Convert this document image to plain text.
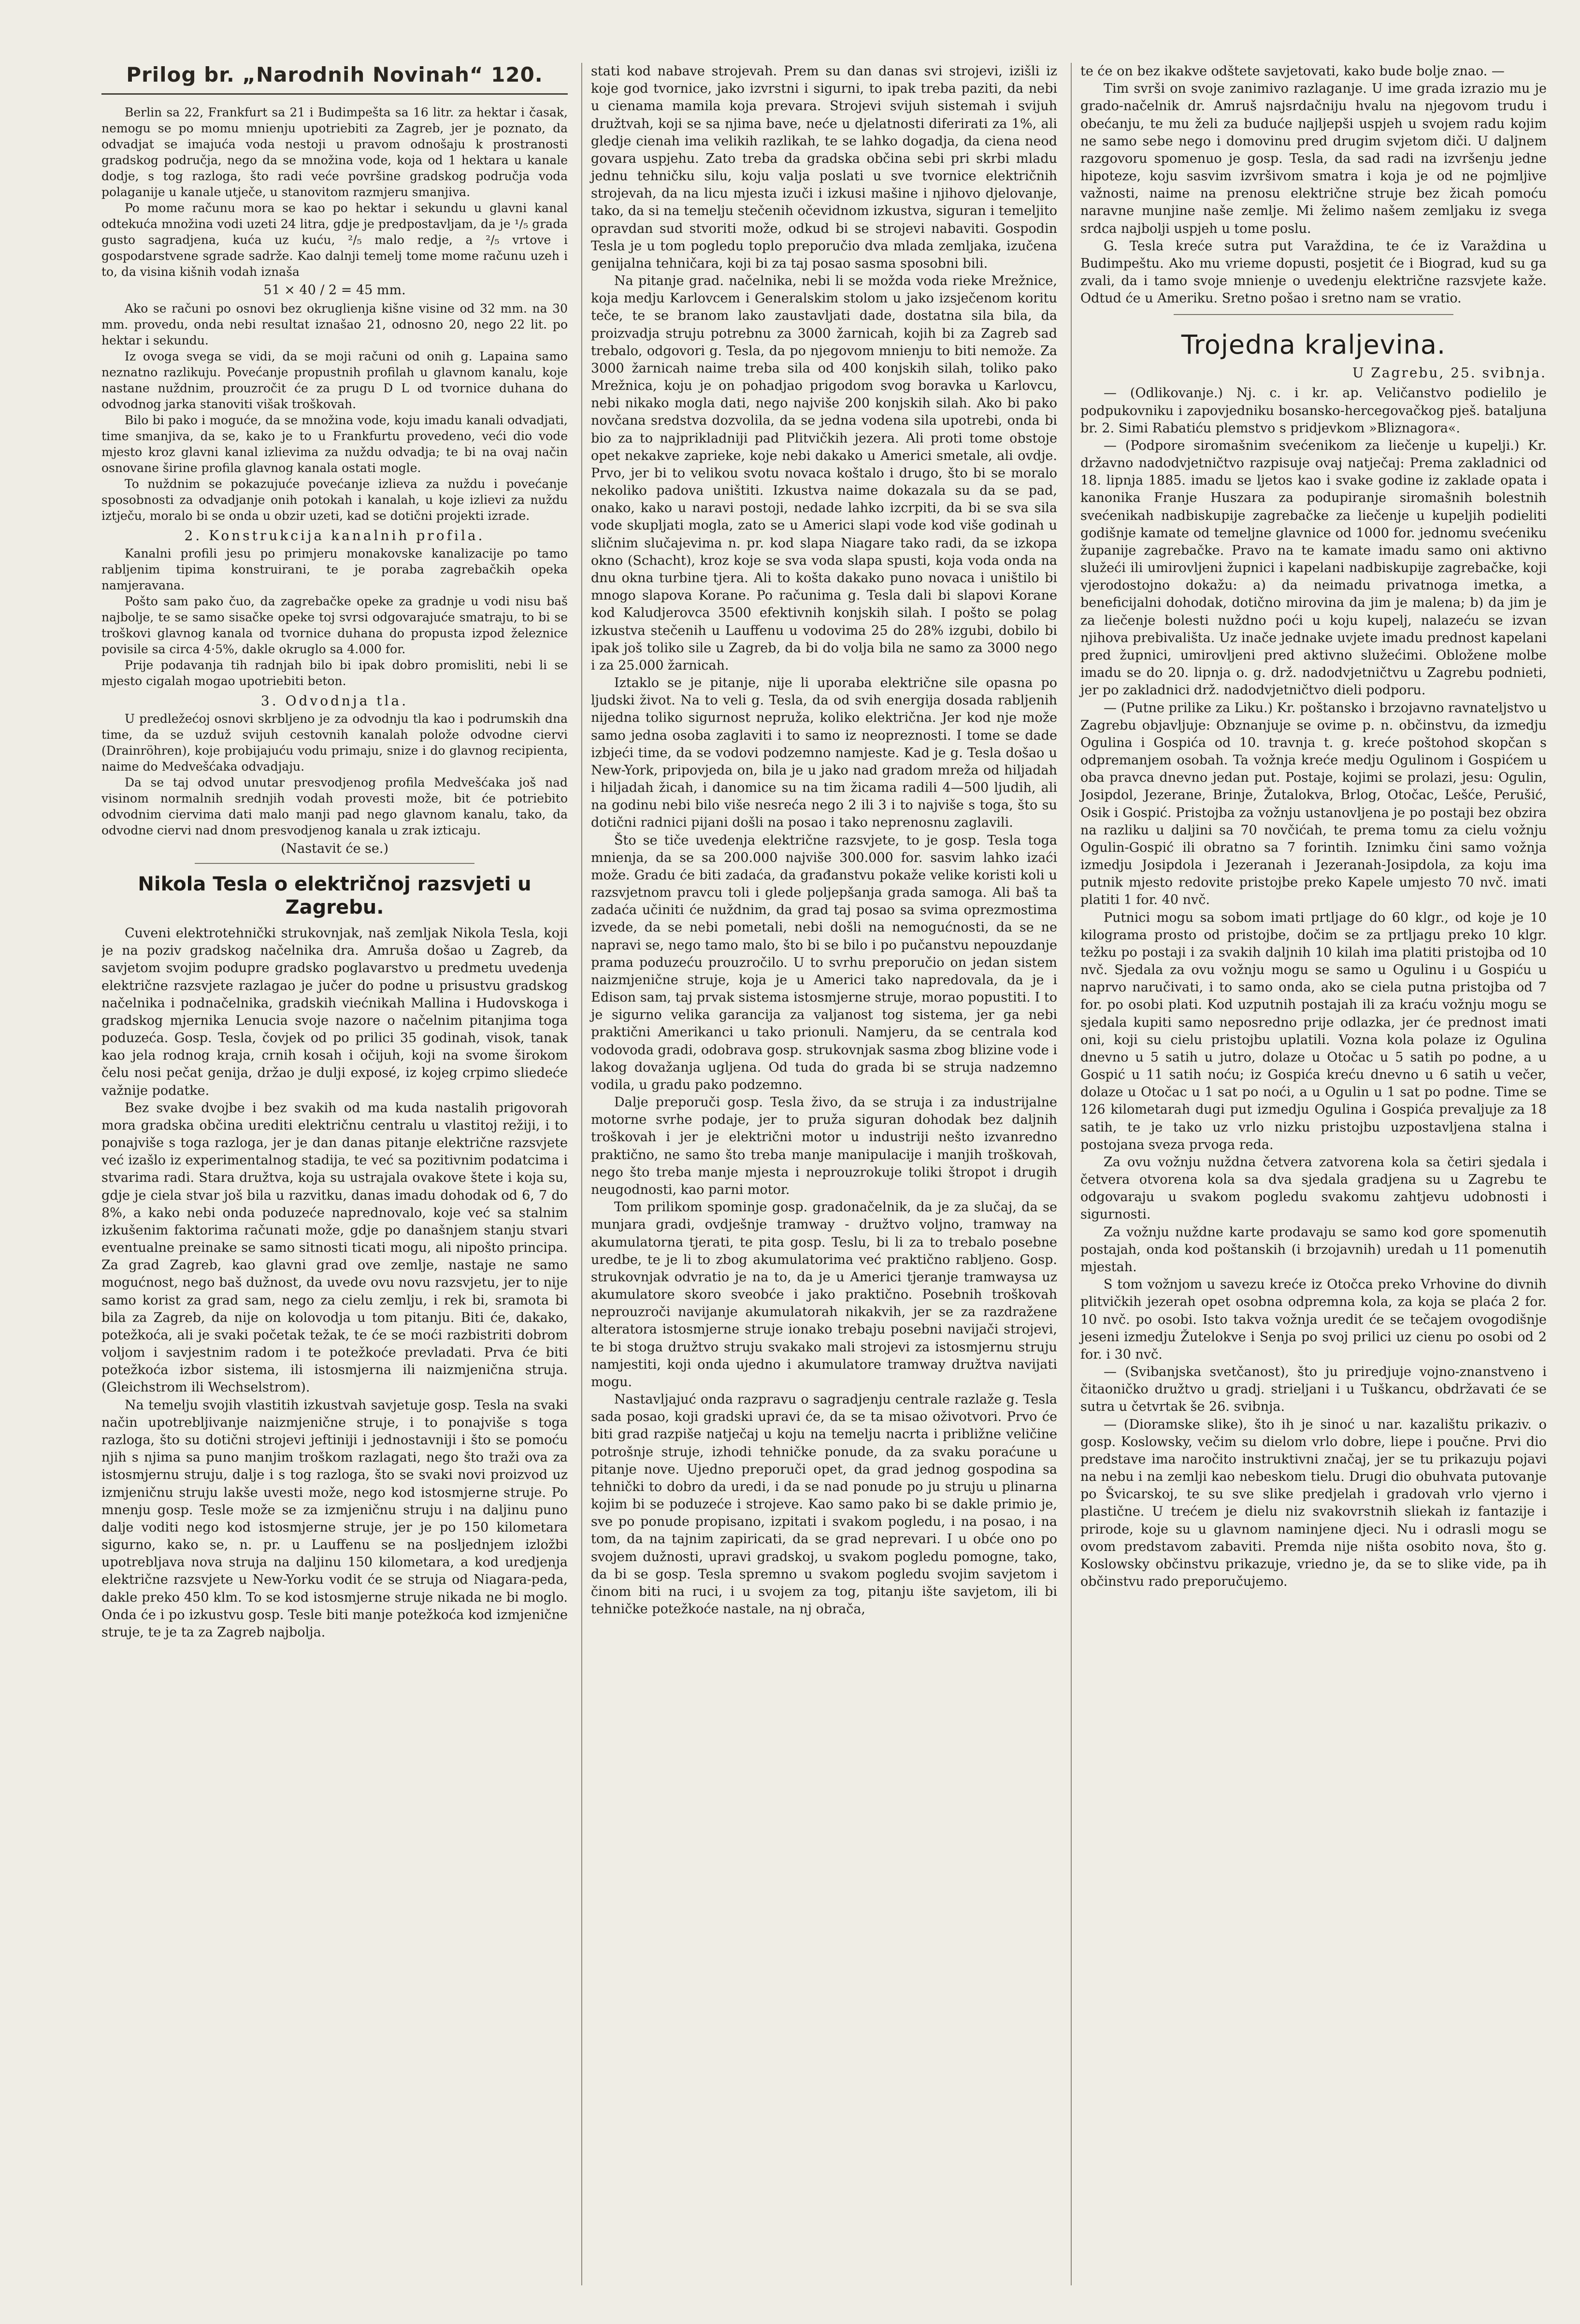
Prilog br. „Narodnih Novinah“ 120.

Berlin sa 22, Frankfurt sa 21 i Budimpešta sa 16 litr. za hektar i časak, nemogu se po momu mnienju upotriebiti za Zagreb, jer je poznato, da odvadjat se imajuća voda nestoji u pravom odnošaju k prostranosti gradskog područja, nego da se množina vode, koja od 1 hektara u kanale dodje, s tog razloga, što radi veće površine gradskog područja voda polaganije u kanale utječe, u stanovitom razmjeru smanjiva.

Po mome računu mora se kao po hektar i sekundu u glavni kanal odtekuća množina vodi uzeti 24 litra, gdje je predpostavljam, da je ¹/₅ grada gusto sagradjena, kuća uz kuću, ²/₅ malo redje, a ²/₅ vrtove i gospodarstvene sgrade sadrže. Kao dalnji temelj tome mome računu uzeh i to, da visina kišnih vodah iznaša

51 × 40 / 2 = 45 mm.

Ako se računi po osnovi bez okruglienja kišne visine od 32 mm. na 30 mm. provedu, onda nebi resultat iznašao 21, odnosno 20, nego 22 lit. po hektar i sekundu.

Iz ovoga svega se vidi, da se moji računi od onih g. Lapaina samo neznatno razlikuju. Povećanje propustnih profilah u glavnom kanalu, koje nastane nuždnim, prouzročit će za prugu D L od tvornice duhana do odvodnog jarka stanoviti višak troškovah.

Bilo bi pako i moguće, da se množina vode, koju imadu kanali odvadjati, time smanjiva, da se, kako je to u Frankfurtu provedeno, veći dio vode mjesto kroz glavni kanal izlievima za nuždu odvadja; te bi na ovaj način osnovane širine profila glavnog kanala ostati mogle.

To nuždnim se pokazujuće povećanje izlieva za nuždu i povećanje sposobnosti za odvadjanje onih potokah i kanalah, u koje izlievi za nuždu iztječu, moralo bi se onda u obzir uzeti, kad se dotični projekti izrade.

2. Konstrukcija kanalnih profila.

Kanalni profili jesu po primjeru monakovske kanalizacije po tamo rabljenim tipima konstruirani, te je poraba zagrebačkih opeka namjeravana.

Pošto sam pako čuo, da zagrebačke opeke za gradnje u vodi nisu baš najbolje, te se samo sisačke opeke toj svrsi odgovarajuće smatraju, to bi se troškovi glavnog kanala od tvornice duhana do propusta izpod železnice povisile sa circa 4·5%, dakle okruglo sa 4.000 for.

Prije podavanja tih radnjah bilo bi ipak dobro promisliti, nebi li se mjesto cigalah mogao upotriebiti beton.

3. Odvodnja tla.

U predležećoj osnovi skrbljeno je za odvodnju tla kao i podrumskih dna time, da se uzduž svijuh cestovnih kanalah polože odvodne ciervi (Drainröhren), koje probijajuću vodu primaju, snize i do glavnog recipienta, naime do Medvešćaka odvadjaju.

Da se taj odvod unutar presvodjenog profila Medvešćaka još nad visinom normalnih srednjih vodah provesti može, bit će potriebito odvodnim ciervima dati malo manji pad nego glavnom kanalu, tako, da odvodne ciervi nad dnom presvodjenog kanala u zrak izticaju.

(Nastavit će se.)
Nikola Tesla o električnoj razsvjeti u Zagrebu.

Cuveni elektrotehnički strukovnjak, naš zemljak Nikola Tesla, koji je na poziv gradskog načelnika dra. Amruša došao u Zagreb, da savjetom svojim podupre gradsko poglavarstvo u predmetu uvedenja električne razsvjete razlagao je jučer do podne u prisustvu gradskog načelnika i podnačelnika, gradskih viećnikah Mallina i Hudovskoga i gradskog mjernika Lenucia svoje nazore o načelnim pitanjima toga poduzeća. Gosp. Tesla, čovjek od po prilici 35 godinah, visok, tanak kao jela rodnog kraja, crnih kosah i očijuh, koji na svome širokom čelu nosi pečat genija, držao je dulji exposé, iz kojeg crpimo sliedeće važnije podatke.

Bez svake dvojbe i bez svakih od ma kuda nastalih prigovorah mora gradska občina urediti električnu centralu u vlastitoj režiji, i to ponajviše s toga razloga, jer je dan danas pitanje električne razsvjete već izašlo iz experimentalnog stadija, te već sa pozitivnim podatcima i stvarima radi. Stara družtva, koja su ustrajala ovakove štete i koja su, gdje je ciela stvar još bila u razvitku, danas imadu dohodak od 6, 7 do 8%, a kako nebi onda poduzeće naprednovalo, koje već sa stalnim izkušenim faktorima računati može, gdje po današnjem stanju stvari eventualne preinake se samo sitnosti ticati mogu, ali nipošto principa. Za grad Zagreb, kao glavni grad ove zemlje, nastaje ne samo mogućnost, nego baš dužnost, da uvede ovu novu razsvjetu, jer to nije samo korist za grad sam, nego za cielu zemlju, i rek bi, sramota bi bila za Zagreb, da nije on kolovodja u tom pitanju. Biti će, dakako, potežkoća, ali je svaki početak težak, te će se moći razbistriti dobrom voljom i savjestnim radom i te potežkoće prevladati. Prva će biti potežkoća izbor sistema, ili istosmjerna ili naizmjenična struja. (Gleichstrom ili Wechselstrom).

Na temelju svojih vlastitih izkustvah savjetuje gosp. Tesla na svaki način upotrebljivanje naizmjenične struje, i to ponajviše s toga razloga, što su dotični strojevi jeftiniji i jednostavniji i što se pomoću njih s njima sa puno manjim troškom razlagati, nego što traži ova za istosmjernu struju, dalje i s tog razloga, što se svaki novi proizvod uz izmjeničnu struju lakše uvesti može, nego kod istosmjerne struje. Po mnenju gosp. Tesle može se za izmjeničnu struju i na daljinu puno dalje voditi nego kod istosmjerne struje, jer je po 150 kilometara sigurno, kako se, n. pr. u Lauffenu se na posljednjem izložbi upotrebljava nova struja na daljinu 150 kilometara, a kod uredjenja električne razsvjete u New-Yorku vodit će se struja od Niagara-peda, dakle preko 450 klm. To se kod istosmjerne struje nikada ne bi moglo. Onda će i po izkustvu gosp. Tesle biti manje potežkoća kod izmjenične struje, te je ta za Zagreb najbolja.

stati kod nabave strojevah. Prem su dan danas svi strojevi, izišli iz koje god tvornice, jako izvrstni i sigurni, to ipak treba paziti, da nebi u cienama mamila koja prevara. Strojevi svijuh sistemah i svijuh družtvah, koji se sa njima bave, neće u djelatnosti diferirati za 1%, ali gledje cienah ima velikih razlikah, te se lahko dogadja, da ciena neod govara uspjehu. Zato treba da gradska občina sebi pri skrbi mladu jednu tehničku silu, koju valja poslati u sve tvornice električnih strojevah, da na licu mjesta izuči i izkusi mašine i njihovo djelovanje, tako, da si na temelju stečenih očevidnom izkustva, siguran i temeljito opravdan sud stvoriti može, odkud bi se strojevi nabaviti. Gospodin Tesla je u tom pogledu toplo preporučio dva mlada zemljaka, izučena genijalna tehničara, koji bi za taj posao sasma sposobni bili.

Na pitanje grad. načelnika, nebi li se možda voda rieke Mrežnice, koja medju Karlovcem i Generalskim stolom u jako izsječenom koritu teče, te se branom lako zaustavljati dade, dostatna sila bila, da proizvadja struju potrebnu za 3000 žarnicah, kojih bi za Zagreb sad trebalo, odgovori g. Tesla, da po njegovom mnienju to biti nemože. Za 3000 žarnicah naime treba sila od 400 konjskih silah, toliko pako Mrežnica, koju je on pohadjao prigodom svog boravka u Karlovcu, nebi nikako mogla dati, nego najviše 200 konjskih silah. Ako bi pako novčana sredstva dozvolila, da se jedna vodena sila upotrebi, onda bi bio za to najprikladniji pad Plitvičkih jezera. Ali proti tome obstoje opet nekakve zapriеke, koje nebi dakako u Americi smetale, ali ovdje. Prvo, jer bi to velikou svotu novaca koštalo i drugo, što bi se moralo nekoliko padova uništiti. Izkustva naime dokazala su da se pad, onako, kako u naravi postoji, nedade lahko izcrpiti, da bi se sva sila vode skupljati mogla, zato se u Americi slapi vode kod više godinah u sličnim slučajevima n. pr. kod slapa Niagare tako radi, da se izkopa okno (Schacht), kroz koje se sva voda slapa spusti, koja voda onda na dnu okna turbine tjera. Ali to košta dakako puno novaca i uništilo bi mnogo slapova Korane. Po računima g. Tesla dali bi slapovi Korane kod Kaludjerovca 3500 efektivnih konjskih silah. I pošto se polag izkustva stečenih u Lauffenu u vodovima 25 do 28% izgubi, dobilo bi ipak još toliko sile u Zagreb, da bi do volja bila ne samo za 3000 nego i za 25.000 žarnicah.

Iztaklo se je pitanje, nije li uporaba električne sile opasna po ljudski život. Na to veli g. Tesla, da od svih energija dosada rabljenih nijedna toliko sigurnost nepruža, koliko električna. Jer kod nje može samo jedna osoba zaglaviti i to samo iz neopreznosti. I tome se dade izbjeći time, da se vodovi podzemno namjeste. Kad je g. Tesla došao u New-York, pripovjeda on, bila je u jako nad gradom mreža od hiljadah i hiljadah žicah, i danomice su na tim žicama radili 4—500 ljudih, ali na godinu nebi bilo više nesreća nego 2 ili 3 i to najviše s toga, što su dotični radnici pijani došli na posao i tako neprenosnu zaglavili.

Što se tiče uvedenja električne razsvjete, to je gosp. Tesla toga mnienja, da se sa 200.000 najviše 300.000 for. sasvim lahko izaći može. Gradu će biti zadaća, da građanstvu pokaže velike koristi koli u razsvjetnom pravcu toli i glede poljepšanja grada samoga. Ali baš ta zadaća učiniti će nuždnim, da grad taj posao sa svima oprezmostima izvede, da se nebi pometali, nebi došli na nemogućnosti, da se ne napravi se, nego tamo malo, što bi se bilo i po pučanstvu nepouzdanje prama poduzeću prouzročilo. U to svrhu preporučio on jedan sistem naizmjenične struje, koja je u Americi tako napredovala, da je i Edison sam, taj prvak sistema istosmjerne struje, morao popustiti. I to je sigurno velika garancija za valjanost tog sistema, jer ga nebi praktični Amerikanci u tako prionuli. Namjeru, da se centrala kod vodovoda gradi, odobrava gosp. strukovnjak sasma zbog blizine vode i lakog dovažanja ugljena. Od tuda do grada bi se struja nadzemno vodila, u gradu pako podzemno.

Dalje preporuči gosp. Tesla živo, da se struja i za industrijalne motorne svrhe podaje, jer to pruža siguran dohodak bez daljnih troškovah i jer je električni motor u industriji nešto izvanredno praktično, ne samo što treba manje manipulacije i manjih troškovah, nego što treba manje mjesta i neprouzrokuje toliki štropot i drugih neugodnosti, kao parni motor.

Tom prilikom spominje gosp. gradonačelnik, da je za slučaj, da se munjara gradi, ovdješnje tramway - družtvo voljno, tramway na akumulatorna tjerati, te pita gosp. Teslu, bi li za to trebalo posebne uredbe, te je li to zbog akumulatorima već praktično rabljeno. Gosp. strukovnjak odvratio je na to, da je u Americi tjeranje tramwaysa uz akumulatore skoro sveobće i jako praktično. Posebnih troškovah neprouzroči navijanje akumulatorah nikakvih, jer se za razdražene alteratora istosmjerne struje ionako trebaju posebni navijači strojevi, te bi stoga družtvo struju svakako mali strojevi za istosmjernu struju namjestiti, koji onda ujedno i akumulatore tramway družtva navijati mogu.

Nastavljajuć onda razpravu o sagradjenju centrale razlaže g. Tesla sada posao, koji gradski upravi će, da se ta misao oživotvori. Prvo će biti grad razpiše natječaj u koju na temelju nacrta i približne veličine potrošnje struje, izhodi tehničke ponude, da za svaku poraćune u pitanje nove. Ujedno preporuči opet, da grad jednog gospodina sa tehnički to dobro da uredi, i da se nad ponude po ju struju u plinarna kojim bi se poduzeće i strojeve. Kao samo pako bi se dakle primio je, sve po ponude propisano, izpitati i svakom pogledu, i na posao, i na tom, da na tajnim zapiricati, da se grad neprevari. I u obće ono po svojem dužnosti, upravi gradskoj, u svakom pogledu pomogne, tako, da bi se gosp. Tesla spremno u svakom pogledu svojim savjetom i činom biti na ruci, i u svojem za tog, pitanju ište savjetom, ili bi tehničke potežkoće nastale, na nj obrača,

te će on bez ikakve odštete savjetovati, kako bude bolje znao. —

Tim svrši on svoje zanimivo razlaganje. U ime grada izrazio mu je grado-načelnik dr. Amruš najsrdačniju hvalu na njegovom trudu i obećanju, te mu želi za buduće najljepši uspjeh u svojem radu kojim ne samo sebe nego i domovinu pred drugim svjetom diči. U daljnem razgovoru spomenuo je gosp. Tesla, da sad radi na izvršenju jedne hipoteze, koju sasvim izvršivom smatra i koja je od ne pojmljive važnosti, naime na prenosu električne struje bez žicah pomoću naravne munjine naše zemlje. Mi želimo našem zemljaku iz svega srdca najbolji uspjeh u tome poslu.

G. Tesla kreće sutra put Varaždina, te će iz Varaždina u Budimpeštu. Ako mu vrieme dopusti, posjetit će i Biograd, kud su ga zvali, da i tamo svoje mnienje o uvedenju električne razsvjete kaže. Odtud će u Ameriku. Sretno pošao i sretno nam se vratio.

Trojedna kraljevina.
U Zagrebu, 25. svibnja.

— (Odlikovanje.) Nj. c. i kr. ap. Veličanstvo podielilo je podpukovniku i zapovjedniku bosansko-hercegovačkog pješ. bataljuna br. 2. Simi Rabatiću plemstvo s pridjevkom »Bliznagora«.

— (Podpore siromašnim svećenikom za liečenje u kupelji.) Kr. državno nadodvjetničtvo razpisuje ovaj natječaj: Prema zakladnici od 18. lipnja 1885. imadu se ljetos kao i svake godine iz zaklade opata i kanonika Franje Huszara za podupiranje siromašnih bolestnih svećenikah nadbiskupije zagrebačke za liečenje u kupeljih podieliti godišnje kamate od temeljne glavnice od 1000 for. jednomu svećeniku županije zagrebačke. Pravo na te kamate imadu samo oni aktivno služeći ili umirovljeni župnici i kapelani nadbiskupije zagrebačke, koji vjerodostojno dokažu: a) da neimadu privatnoga imetka, a beneficijalni dohodak, dotično mirovina da jim je malena; b) da jim je za liečenje bolesti nuždno poći u koju kupelj, nalazeću se izvan njihova prebivališta. Uz inače jednake uvjete imadu prednost kapelani pred župnici, umirovljeni pred aktivno služećimi. Obložene molbe imadu se do 20. lipnja o. g. drž. nadodvjetničtvu u Zagrebu podnieti, jer po zakladnici drž. nadodvjetničtvo dieli podporu.

— (Putne prilike za Liku.) Kr. poštansko i brzojavno ravnateljstvo u Zagrebu objavljuje: Obznanjuje se ovime p. n. občinstvu, da izmedju Ogulina i Gospića od 10. travnja t. g. kreće poštohod skopčan s odpremanjem osobah. Ta vožnja kreće medju Ogulinom i Gospićem u oba pravca dnevno jedan put. Postaje, kojimi se prolazi, jesu: Ogulin, Josipdol, Jezerane, Brinje, Žutalokva, Brlog, Otočac, Lešće, Perušić, Osik i Gospić. Pristojba za vožnju ustanovljena je po postaji bez obzira na razliku u daljini sa 70 novčićah, te prema tomu za cielu vožnju Ogulin-Gospić ili obratno sa 7 forintih. Iznimku čini samo vožnja izmedju Josipdola i Jezeranah i Jezeranah-Josipdola, za koju ima putnik mjesto redovite pristojbe preko Kapele umjesto 70 nvč. imati platiti 1 for. 40 nvč.

Putnici mogu sa sobom imati prtljage do 60 klgr., od koje je 10 kilograma prosto od pristojbe, dočim se za prtljagu preko 10 klgr. težku po postaji i za svakih daljnih 10 kilah ima platiti pristojba od 10 nvč. Sjedala za ovu vožnju mogu se samo u Ogulinu i u Gospiću u naprvo naručivati, i to samo onda, ako se ciela putna pristojba od 7 for. po osobi plati. Kod uzputnih postajah ili za kraću vožnju mogu se sjedala kupiti samo neposredno prije odlazka, jer će prednost imati oni, koji su cielu pristojbu uplatili. Vozna kola polaze iz Ogulina dnevno u 5 satih u jutro, dolaze u Otočac u 5 satih po podne, a u Gospić u 11 satih noću; iz Gospića kreću dnevno u 6 satih u večer, dolaze u Otočac u 1 sat po noći, a u Ogulin u 1 sat po podne. Time se 126 kilometarah dugi put izmedju Ogulina i Gospića prevaljuje za 18 satih, te je tako uz vrlo nizku pristojbu uzpostavljena stalna i postojana sveza prvoga reda.

Za ovu vožnju nuždna četvera zatvorena kola sa četiri sjedala i četvera otvorena kola sa dva sjedala gradjena su u Zagrebu te odgovaraju u svakom pogledu svakomu zahtjevu udobnosti i sigurnosti.

Za vožnju nuždne karte prodavaju se samo kod gore spomenutih postajah, onda kod poštanskih (i brzojavnih) uredah u 11 pomenutih mjestah.

S tom vožnjom u savezu kreće iz Otočca preko Vrhovine do divnih plitvičkih jezerah opet osobna odpremna kola, za koja se plaća 2 for. 10 nvč. po osobi. Isto takva vožnja uredit će se tečajem ovogodišnje jeseni izmedju Žutelokve i Senja po svoj prilici uz cienu po osobi od 2 for. i 30 nvč.

— (Svibanjska svetčanost), što ju priredjuje vojno-znanstveno i čitaoničko družtvo u gradj. strieljani i u Tuškancu, obdržavati će se sutra u četvrtak še 26. svibnja.

— (Dioramske slike), što ih je sinoć u nar. kazalištu prikaziv. o gosp. Koslowsky, večim su dielom vrlo dobre, liepe i poučne. Prvi dio predstave ima naročito instruktivni značaj, jer se tu prikazuju pojavi na nebu i na zemlji kao nebeskom tielu. Drugi dio obuhvata putovanje po Švicarskoj, te su sve slike predjelah i gradovah vrlo vjerno i plastične. U trećem je dielu niz svakovrstnih sliekah iz fantazije i prirode, koje su u glavnom naminjene djeci. Nu i odrasli mogu se ovom predstavom zabaviti. Premda nije ništa osobito nova, što g. Koslowsky občinstvu prikazuje, vriedno je, da se to slike vide, pa ih občinstvu rado preporučujemo.
